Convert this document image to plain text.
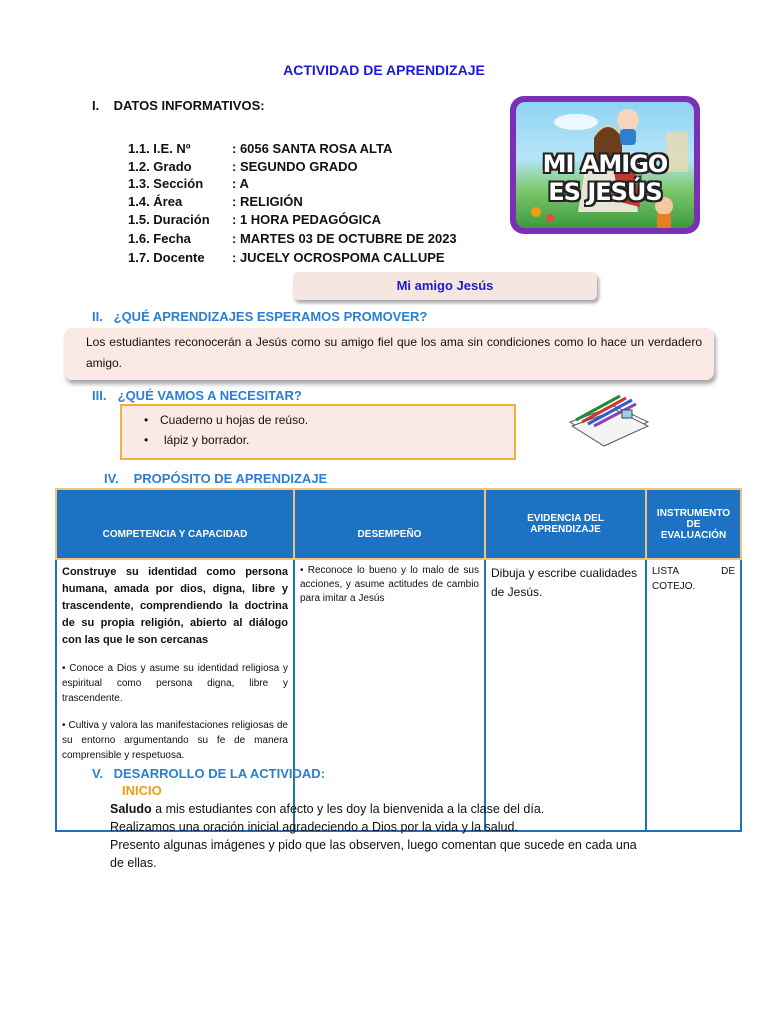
ACTIVIDAD DE APRENDIZAJE
I. DATOS INFORMATIVOS:
1.1. I.E. Nº	: 6056 SANTA ROSA ALTA
1.2. Grado	: SEGUNDO GRADO
1.3. Sección : A
1.4. Área	: RELIGIÓN
1.5. Duración : 1 HORA PEDAGÓGICA
1.6. Fecha	: MARTES 03 DE OCTUBRE DE 2023
1.7. Docente : JUCELY OCROSPOMA CALLUPE
MI AMIGO
ES JESÚS
Mi amigo Jesús
II. ¿QUÉ APRENDIZAJES ESPERAMOS PROMOVER?
Los estudiantes reconocerán a Jesús como su amigo fiel que los ama sin condiciones como lo hace un verdadero amigo.
III. ¿QUÉ VAMOS A NECESITAR?
• Cuaderno u hojas de reúso.
• lápiz y borrador.
IV. PROPÓSITO DE APRENDIZAJE
COMPETENCIA Y CAPACIDAD	DESEMPEÑO	EVIDENCIA DEL APRENDIZAJE	INSTRUMENTO DE EVALUACIÓN

Construye su identidad como persona humana, amada por dios, digna, libre y trascendente, comprendiendo la doctrina de su propia religión, abierto al diálogo con las que le son cercanas
• Conoce a Dios y asume su identidad religiosa y espiritual como persona digna, libre y trascendente.
• Cultiva y valora las manifestaciones religiosas de su entorno argumentando su fe de manera comprensible y respetuosa.	• Reconoce lo bueno y lo malo de sus acciones, y asume actitudes de cambio para imitar a Jesús	Dibuja y escribe cualidades de Jesús.	LISTA DE COTEJO.
V. DESARROLLO DE LA ACTIVIDAD:
INICIO
Saludo a mis estudiantes con afecto y les doy la bienvenida a la clase del día.
Realizamos una oración inicial agradeciendo a Dios por la vida y la salud.
Presento algunas imágenes y pido que las observen, luego comentan que sucede en cada una de ellas.
